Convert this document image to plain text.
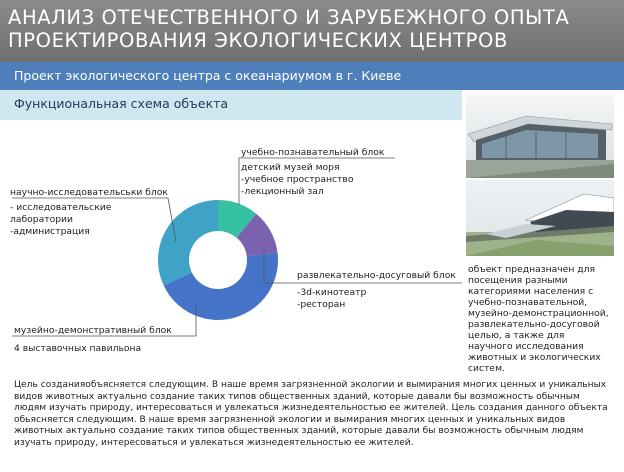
АНАЛИЗ ОТЕЧЕСТВЕННОГО И ЗАРУБЕЖНОГО ОПЫТА ПРОЕКТИРОВАНИЯ ЭКОЛОГИЧЕСКИХ ЦЕНТРОВ
Проект экологического центра с океанариумом в г. Киеве
Функциональная схема объекта
учебно-познавательный блок
детский музей моря
-учебное пространство
-лекционный зал
научно-исследовательськи блок
- исследовательские
лаборатории
-администрация
развлекательно-досуговый блок
-3d-кинотеатр
-ресторан
музейно-демонстративный блок
4 выставочных павильона
объект предназначен для
посещения разными
категориями населения с
учебно-познавательной,
музейно-демонстрационной,
развлекательно-досуговой
целью, а также для
научного исследования
животных и экологических
систем.

Цель созданияобъясняется следующим. В наше время загрязненной экологии и вымирания многих ценных и уникальных видов животных актуально создание таких типов общественных зданий, которые давали бы возможность обычным людям изучать природу, интересоваться и увлекаться жизнедеятельностью ее жителей. Цель создания данного объекта обьясняется следующим. В наше время загрязненной экологии и вымирания многих ценных и уникальных видов животных актуально создание таких типов общественных зданий, которые давали бы возможность обычным людям изучать природу, интересоваться и увлекаться жизнедеятельностью ее жителей.
